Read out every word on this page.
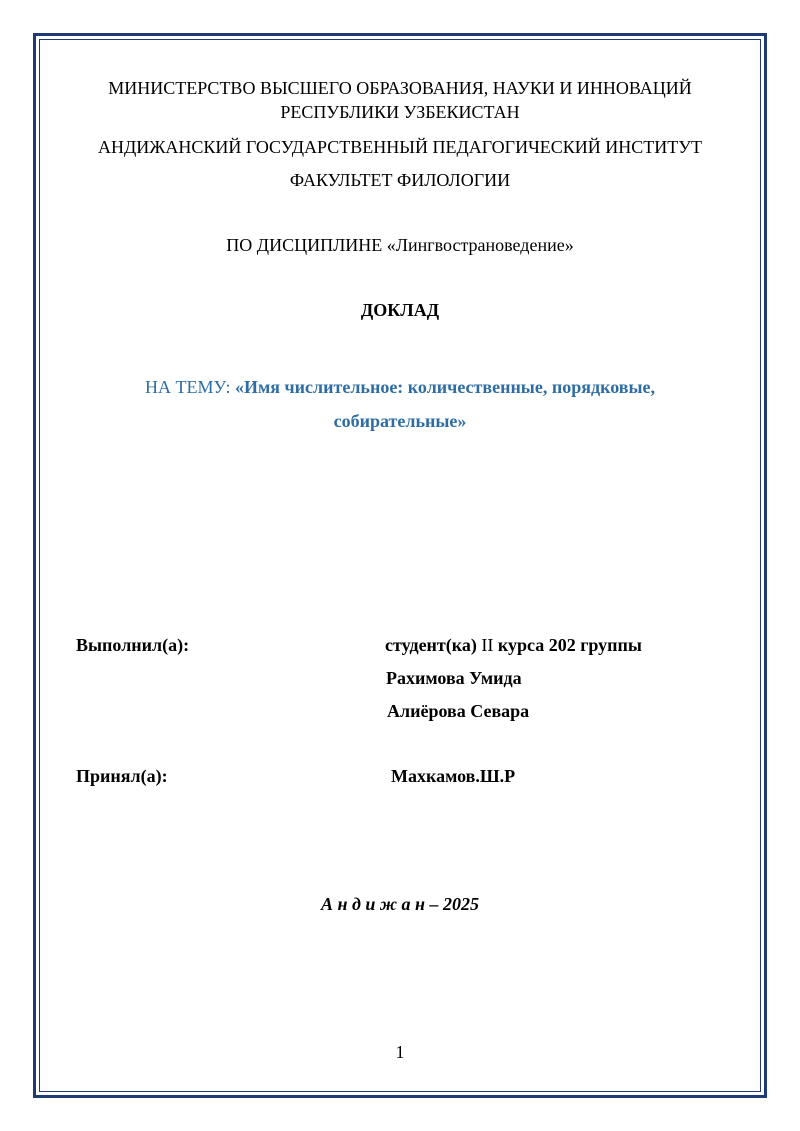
МИНИСТЕРСТВО ВЫСШЕГО ОБРАЗОВАНИЯ, НАУКИ И ИННОВАЦИЙ РЕСПУБЛИКИ УЗБЕКИСТАН
АНДИЖАНСКИЙ ГОСУДАРСТВЕННЫЙ ПЕДАГОГИЧЕСКИЙ ИНСТИТУТ
ФАКУЛЬТЕТ ФИЛОЛОГИИ
ПО ДИСЦИПЛИНЕ «Лингвострановедение»
ДОКЛАД
НА ТЕМУ: «Имя числительное: количественные, порядковые,
собирательные»
Выполнил(а):	студент(ка) II курса 202 группы
Рахимова Умида
Алиёрова Севара
Принял(а):	Махкамов.Ш.Р
А н д и ж а н – 2025
1
